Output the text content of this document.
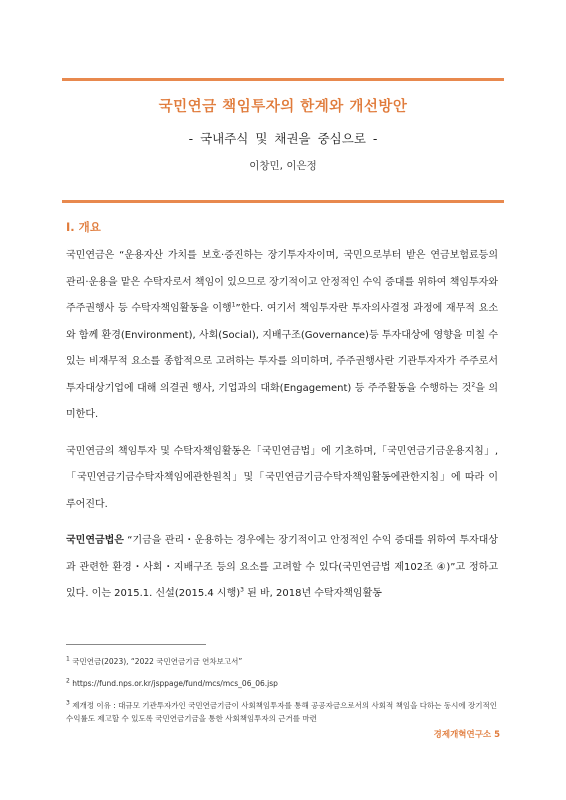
국민연금 책임투자의 한계와 개선방안
- 국내주식 및 채권을 중심으로 -
이창민, 이은정
Ⅰ. 개요

국민연금은 “운용자산 가치를 보호·증진하는 장기투자자이며, 국민으로부터 받은 연금보험료등의 관리·운용을 맡은 수탁자로서 책임이 있으므로 장기적이고 안정적인 수익 증대를 위하여 책임투자와 주주권행사 등 수탁자책임활동을 이행$^1$”한다. 여기서 책임투자란 투자의사결정 과정에 재무적 요소와 함께 환경(Environment), 사회(Social), 지배구조(Governance)등 투자대상에 영향을 미칠 수 있는 비재무적 요소를 종합적으로 고려하는 투자를 의미하며, 주주권행사란 기관투자자가 주주로서 투자대상기업에 대해 의결권 행사, 기업과의 대화(Engagement) 등 주주활동을 수행하는 것$^2$을 의미한다.

국민연금의 책임투자 및 수탁자책임활동은「국민연금법」에 기초하며,「국민연금기금운용지침」,「국민연금기금수탁자책임에관한원칙」및「국민연금기금수탁자책임활동에관한지침」에 따라 이루어진다.

국민연금법은 “기금을 관리・운용하는 경우에는 장기적이고 안정적인 수익 증대를 위하여 투자대상과 관련한 환경・사회・지배구조 등의 요소를 고려할 수 있다(국민연금법 제102조 ④)”고 정하고 있다. 이는 2015.1. 신설(2015.4 시행)$^3$ 된 바, 2018년 수탁자책임활동

$^1$ 국민연금(2023), “2022 국민연금기금 연차보고서”
$^2$ https://fund.nps.or.kr/jsppage/fund/mcs/mcs_06_06.jsp
$^3$ 제개정 이유 : 대규모 기관투자가인 국민연금기금이 사회책임투자를 통해 공공자금으로서의 사회적 책임을 다하는 동시에 장기적인 수익률도 제고할 수 있도록 국민연금기금을 통한 사회책임투자의 근거를 마련
경제개혁연구소 5
